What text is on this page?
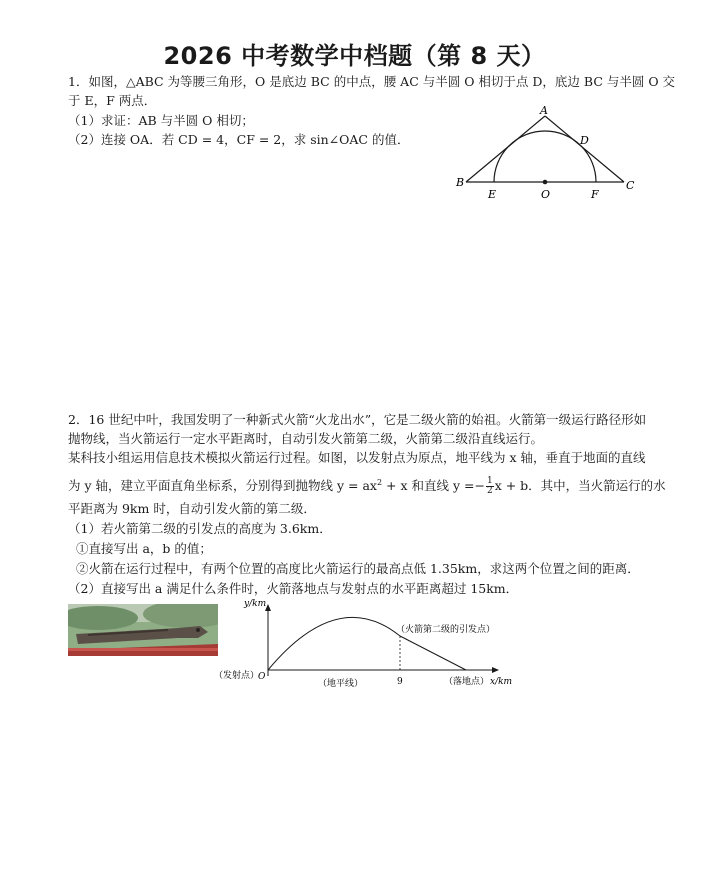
2026 中考数学中档题（第 8 天）
1．如图，△ABC 为等腰三角形，O 是底边 BC 的中点，腰 AC 与半圆 O 相切于点 D，底边 BC 与半圆 O 交
于 E，F 两点．
（1）求证：AB 与半圆 O 相切；
（2）连接 OA．若 CD = 4，CF = 2，求 sin∠OAC 的值．
A
D
B	C
E	O	F
2．16 世纪中叶，我国发明了一种新式火箭“火龙出水”，它是二级火箭的始祖。火箭第一级运行路径形如
抛物线，当火箭运行一定水平距离时，自动引发火箭第二级，火箭第二级沿直线运行。
某科技小组运用信息技术模拟火箭运行过程。如图，以发射点为原点，地平线为 x 轴，垂直于地面的直线
为 y 轴，建立平面直角坐标系，分别得到抛物线 $y = ax^2 + x$ 和直线 $y =- \frac{1}{2}$ x + b．其中，当火箭运行的水
平距离为 9km 时，自动引发火箭的第二级．
（1）若火箭第二级的引发点的高度为 3.6km．
①直接写出 a，b 的值；
②火箭在运行过程中，有两个位置的高度比火箭运行的最高点低 1.35km，求这两个位置之间的距离．
（2）直接写出 a 满足什么条件时，火箭落地点与发射点的水平距离超过 15km．
y/km
x/km
O
（发射点）
（地平线）	9	（落地点）
（火箭第二级的引发点）
